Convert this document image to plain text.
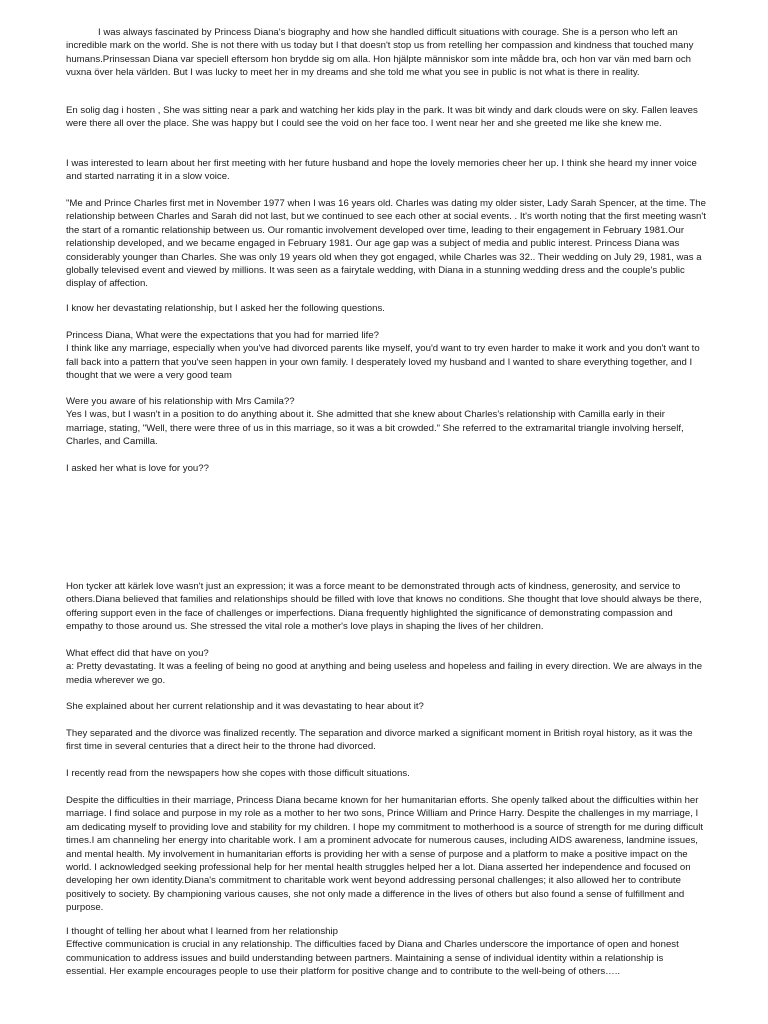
I was always fascinated by Princess Diana's biography and how she handled difficult situations with courage. She is a person who left an incredible mark on the world. She is not there with us today but I that doesn't stop us from retelling her compassion and kindness that touched many humans.Prinsessan Diana var speciell eftersom hon brydde sig om alla. Hon hjälpte människor som inte mådde bra, och hon var vän med barn och vuxna över hela världen. But I was lucky to meet her in my dreams and she told me what you see in public is not what is there in reality.

En solig dag i hosten , She was sitting near a park and watching her kids play in the park. It was bit windy and dark clouds were on sky. Fallen leaves were there all over the place. She was happy but I could see the void on her face too. I went near her and she greeted me like she knew me.

I was interested to learn about her first meeting with her future husband and hope the lovely memories cheer her up. I think she heard my inner voice and started narrating it in a slow voice.

"Me and Prince Charles first met in November 1977 when I was 16 years old. Charles was dating my older sister, Lady Sarah Spencer, at the time. The relationship between Charles and Sarah did not last, but we continued to see each other at social events. . It's worth noting that the first meeting wasn't the start of a romantic relationship between us. Our romantic involvement developed over time, leading to their engagement in February 1981.Our relationship developed, and we became engaged in February 1981. Our age gap was a subject of media and public interest. Princess Diana was considerably younger than Charles. She was only 19 years old when they got engaged, while Charles was 32.. Their wedding on July 29, 1981, was a globally televised event and viewed by millions. It was seen as a fairytale wedding, with Diana in a stunning wedding dress and the couple's public display of affection.

I know her devastating relationship, but I asked her the following questions.

Princess Diana, What were the expectations that you had for married life?
I think like any marriage, especially when you've had divorced parents like myself, you'd want to try even harder to make it work and you don't want to fall back into a pattern that you've seen happen in your own family. I desperately loved my husband and I wanted to share everything together, and I thought that we were a very good team

Were you aware of his relationship with Mrs Camila??
Yes I was, but I wasn't in a position to do anything about it. She admitted that she knew about Charles's relationship with Camilla early in their marriage, stating, "Well, there were three of us in this marriage, so it was a bit crowded." She referred to the extramarital triangle involving herself, Charles, and Camilla.

I asked her what is love for you??

Hon tycker att kärlek love wasn't just an expression; it was a force meant to be demonstrated through acts of kindness, generosity, and service to others.Diana believed that families and relationships should be filled with love that knows no conditions. She thought that love should always be there, offering support even in the face of challenges or imperfections. Diana frequently highlighted the significance of demonstrating compassion and empathy to those around us. She stressed the vital role a mother's love plays in shaping the lives of her children.

What effect did that have on you?
a: Pretty devastating. It was a feeling of being no good at anything and being useless and hopeless and failing in every direction. We are always in the media wherever we go.

She explained about her current relationship and it was devastating to hear about it?

They separated and the divorce was finalized recently. The separation and divorce marked a significant moment in British royal history, as it was the first time in several centuries that a direct heir to the throne had divorced.

I recently read from the newspapers how she copes with those difficult situations.

Despite the difficulties in their marriage, Princess Diana became known for her humanitarian efforts. She openly talked about the difficulties within her marriage. I find solace and purpose in my role as a mother to her two sons, Prince William and Prince Harry. Despite the challenges in my marriage, I am dedicating myself to providing love and stability for my children. I hope my commitment to motherhood is a source of strength for me during difficult times.I am channeling her energy into charitable work. I am a prominent advocate for numerous causes, including AIDS awareness, landmine issues, and mental health. My involvement in humanitarian efforts is providing her with a sense of purpose and a platform to make a positive impact on the world. I acknowledged seeking professional help for her mental health struggles helped her a lot. Diana asserted her independence and focused on developing her own identity.Diana's commitment to charitable work went beyond addressing personal challenges; it also allowed her to contribute positively to society. By championing various causes, she not only made a difference in the lives of others but also found a sense of fulfillment and purpose.

I thought of telling her about what I learned from her relationship
Effective communication is crucial in any relationship. The difficulties faced by Diana and Charles underscore the importance of open and honest communication to address issues and build understanding between partners. Maintaining a sense of individual identity within a relationship is essential. Her example encourages people to use their platform for positive change and to contribute to the well-being of others…..
